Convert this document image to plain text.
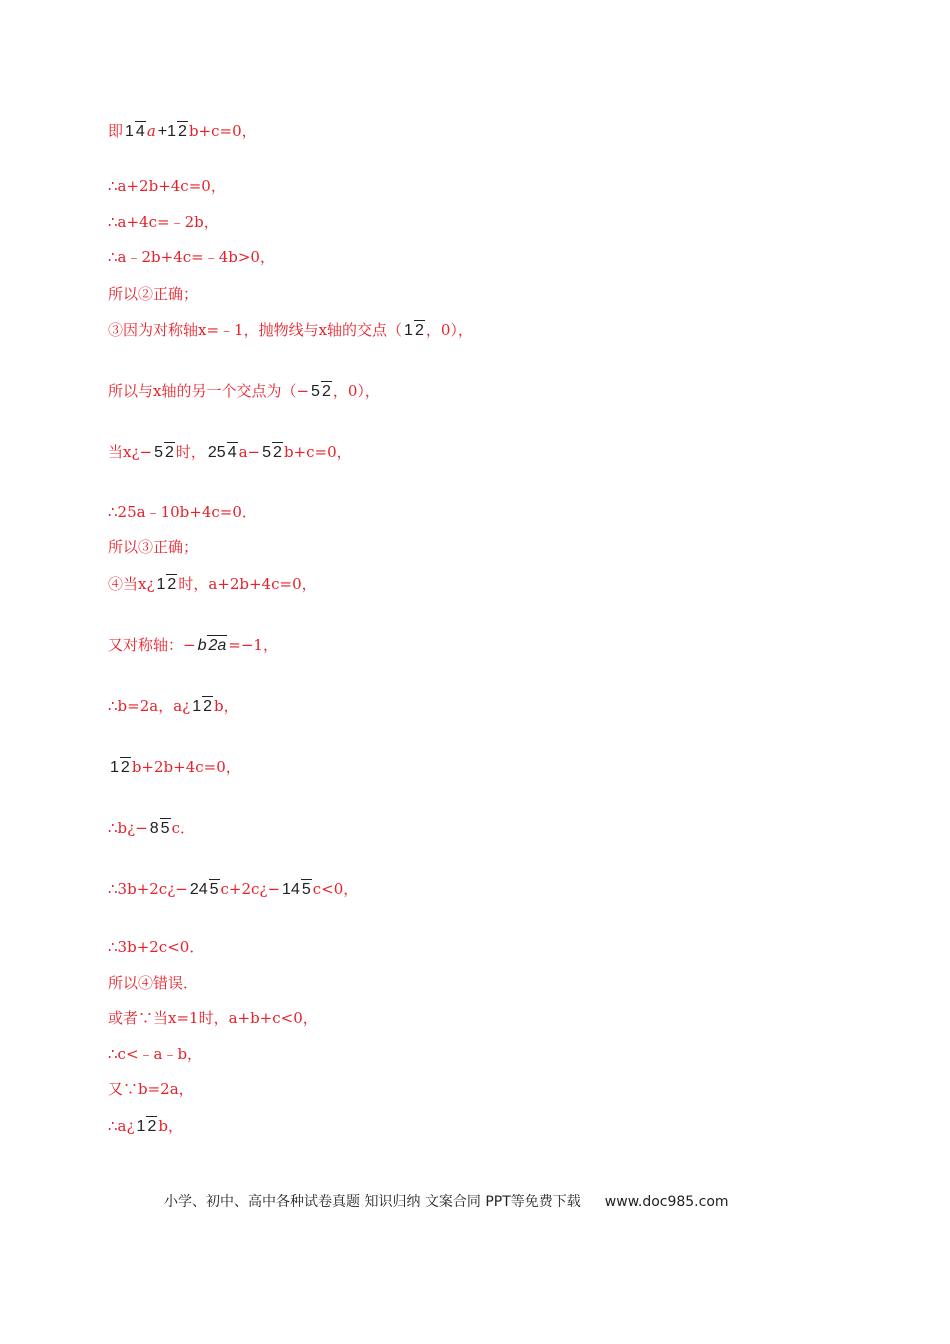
即 1 4 a +1 2 b+c=0，
∴a+2b+4c=0，
∴a+4c=﹣2b，
∴a﹣2b+4c=﹣4b>0，
所以②正确；
③因为对称轴x=﹣1，抛物线与x轴的交点（ 1 2 ，0），
所以与x轴的另一个交点为（− 5 2 ，0），
当x¿− 5 2 时， 25 4 a− 5 2 b+c=0，
∴25a﹣10b+4c=0．
所以③正确；
④当x¿ 1 2 时，a+2b+4c=0，
又对称轴：− b 2a =−1，
∴b=2a，a¿ 1 2 b，
1 2 b+2b+4c=0，
∴b¿− 8 5 c．
∴3b+2c¿− 24 5 c+2c¿− 14 5 c<0，
∴3b+2c<0．
所以④错误．
或者∵当x=1时，a+b+c<0，
∴c<﹣a﹣b，
又∵b=2a，
∴a¿ 1 2 b，
小学、初中、高中各种试卷真题 知识归纳 文案合同 PPT等免费下载 www.doc985.com
